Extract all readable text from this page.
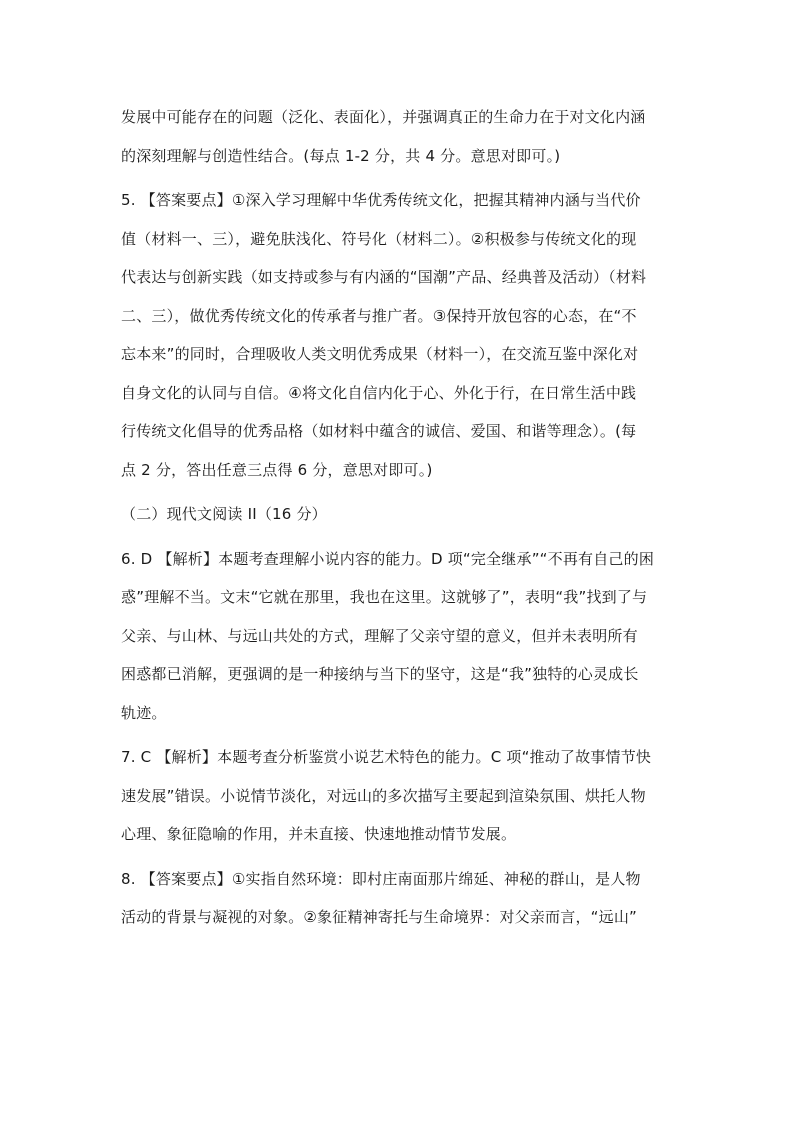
发展中可能存在的问题（泛化、表面化），并强调真正的生命力在于对文化内涵
的深刻理解与创造性结合。(每点 1-2 分，共 4 分。意思对即可。)
5. 【答案要点】①深入学习理解中华优秀传统文化，把握其精神内涵与当代价
值（材料一、三），避免肤浅化、符号化（材料二）。②积极参与传统文化的现
代表达与创新实践（如支持或参与有内涵的“国潮”产品、经典普及活动）（材料
二、三），做优秀传统文化的传承者与推广者。③保持开放包容的心态，在“不
忘本来”的同时，合理吸收人类文明优秀成果（材料一），在交流互鉴中深化对
自身文化的认同与自信。④将文化自信内化于心、外化于行，在日常生活中践
行传统文化倡导的优秀品格（如材料中蕴含的诚信、爱国、和谐等理念）。(每
点 2 分，答出任意三点得 6 分，意思对即可。)
（二）现代文阅读 II（16 分）
6. D 【解析】本题考查理解小说内容的能力。D 项“完全继承”“不再有自己的困
惑”理解不当。文末“它就在那里，我也在这里。这就够了”，表明“我”找到了与
父亲、与山林、与远山共处的方式，理解了父亲守望的意义，但并未表明所有
困惑都已消解，更强调的是一种接纳与当下的坚守，这是“我”独特的心灵成长
轨迹。
7. C 【解析】本题考查分析鉴赏小说艺术特色的能力。C 项“推动了故事情节快
速发展”错误。小说情节淡化，对远山的多次描写主要起到渲染氛围、烘托人物
心理、象征隐喻的作用，并未直接、快速地推动情节发展。
8. 【答案要点】①实指自然环境：即村庄南面那片绵延、神秘的群山，是人物
活动的背景与凝视的对象。②象征精神寄托与生命境界：对父亲而言，“远山”
